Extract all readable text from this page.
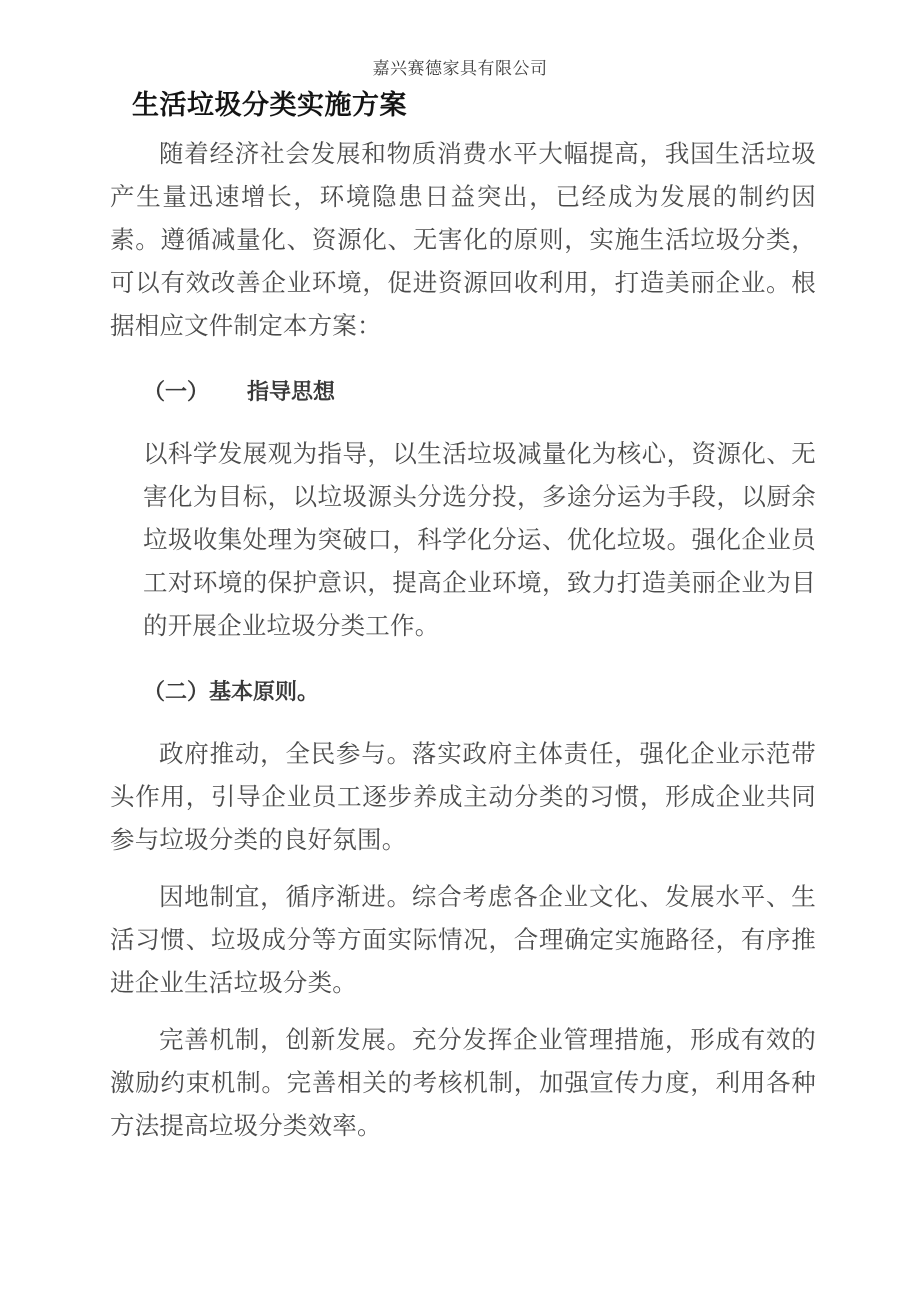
嘉兴赛德家具有限公司
生活垃圾分类实施方案

随着经济社会发展和物质消费水平大幅提高，我国生活垃圾产生量迅速增长，环境隐患日益突出，已经成为发展的制约因素。遵循减量化、资源化、无害化的原则，实施生活垃圾分类，可以有效改善企业环境，促进资源回收利用，打造美丽企业。根据相应文件制定本方案：

（一） 指导思想

以科学发展观为指导，以生活垃圾减量化为核心，资源化、无害化为目标，以垃圾源头分选分投，多途分运为手段，以厨余垃圾收集处理为突破口，科学化分运、优化垃圾。强化企业员工对环境的保护意识，提高企业环境，致力打造美丽企业为目的开展企业垃圾分类工作。

（二）基本原则。

政府推动，全民参与。落实政府主体责任，强化企业示范带头作用，引导企业员工逐步养成主动分类的习惯，形成企业共同参与垃圾分类的良好氛围。

因地制宜，循序渐进。综合考虑各企业文化、发展水平、生活习惯、垃圾成分等方面实际情况，合理确定实施路径，有序推进企业生活垃圾分类。

完善机制，创新发展。充分发挥企业管理措施，形成有效的激励约束机制。完善相关的考核机制，加强宣传力度，利用各种方法提高垃圾分类效率。
